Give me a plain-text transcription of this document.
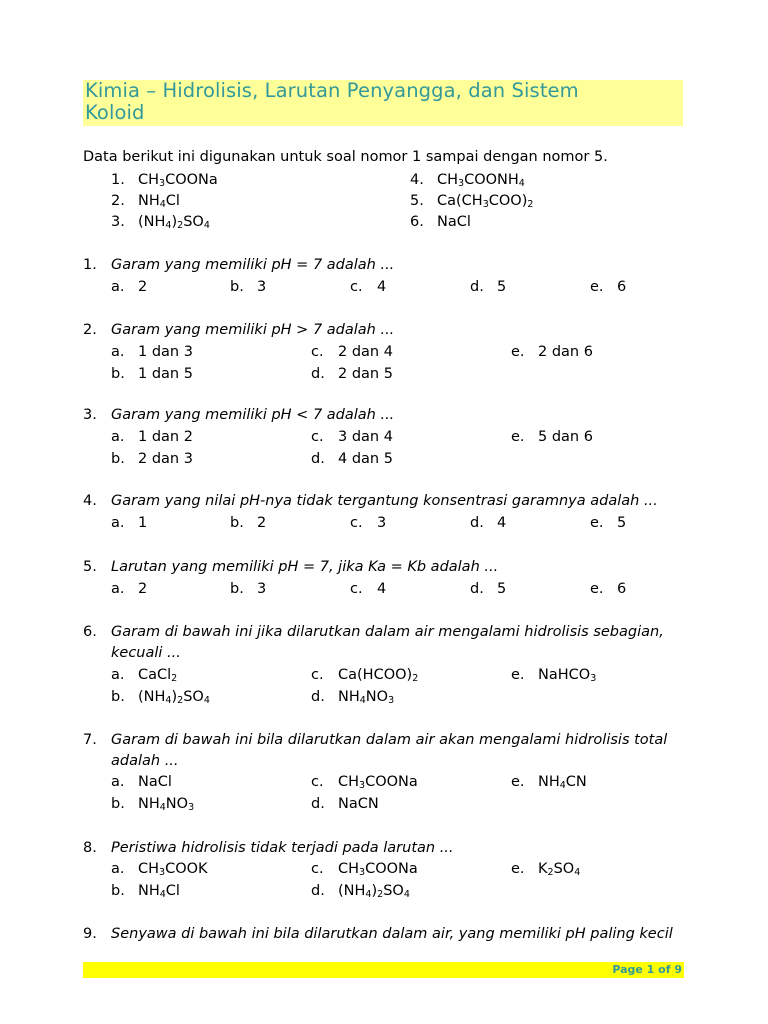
Kimia – Hidrolisis, Larutan Penyangga, dan Sistem
Koloid
Data berikut ini digunakan untuk soal nomor 1 sampai dengan nomor 5.
1. $CH_3COONa$
2. $NH_4Cl$
3. $(NH_4)_2SO_4$
4. $CH_3COONH_4$
5. $Ca(CH_3COO)_2$
6. NaCl
1. Garam yang memiliki pH = 7 adalah ...
a. 2	b. 3	c. 4	d. 5	e. 6
2. Garam yang memiliki pH > 7 adalah ...
a. 1 dan 3	c. 2 dan 4	e. 2 dan 6
b. 1 dan 5	d. 2 dan 5
3. Garam yang memiliki pH < 7 adalah ...
a. 1 dan 2	c. 3 dan 4	e. 5 dan 6
b. 2 dan 3	d. 4 dan 5
4. Garam yang nilai pH-nya tidak tergantung konsentrasi garamnya adalah ...
a. 1	b. 2	c. 3	d. 4	e. 5
5. Larutan yang memiliki pH = 7, jika Ka = Kb adalah ...
a. 2	b. 3	c. 4	d. 5	e. 6
6. Garam di bawah ini jika dilarutkan dalam air mengalami hidrolisis sebagian,
kecuali ...
a. CaCl$_2$	c. $Ca(HCOO)_2$	e. NaHCO$_3$
b. $(NH_4)_2SO_4$	d. $NH_4NO_3$
7. Garam di bawah ini bila dilarutkan dalam air akan mengalami hidrolisis total
adalah ...
a. NaCl	c. $CH_3COONa$	e. $NH_4CN$
b. $NH_4NO_3$	d. NaCN
8. Peristiwa hidrolisis tidak terjadi pada larutan ...
a. $CH_3COOK$	c. $CH_3COONa$	e. $K_2SO_4$
b. $NH_4Cl$	d. $(NH_4)_2SO_4$
9. Senyawa di bawah ini bila dilarutkan dalam air, yang memiliki pH paling kecil
Page 1 of 9
